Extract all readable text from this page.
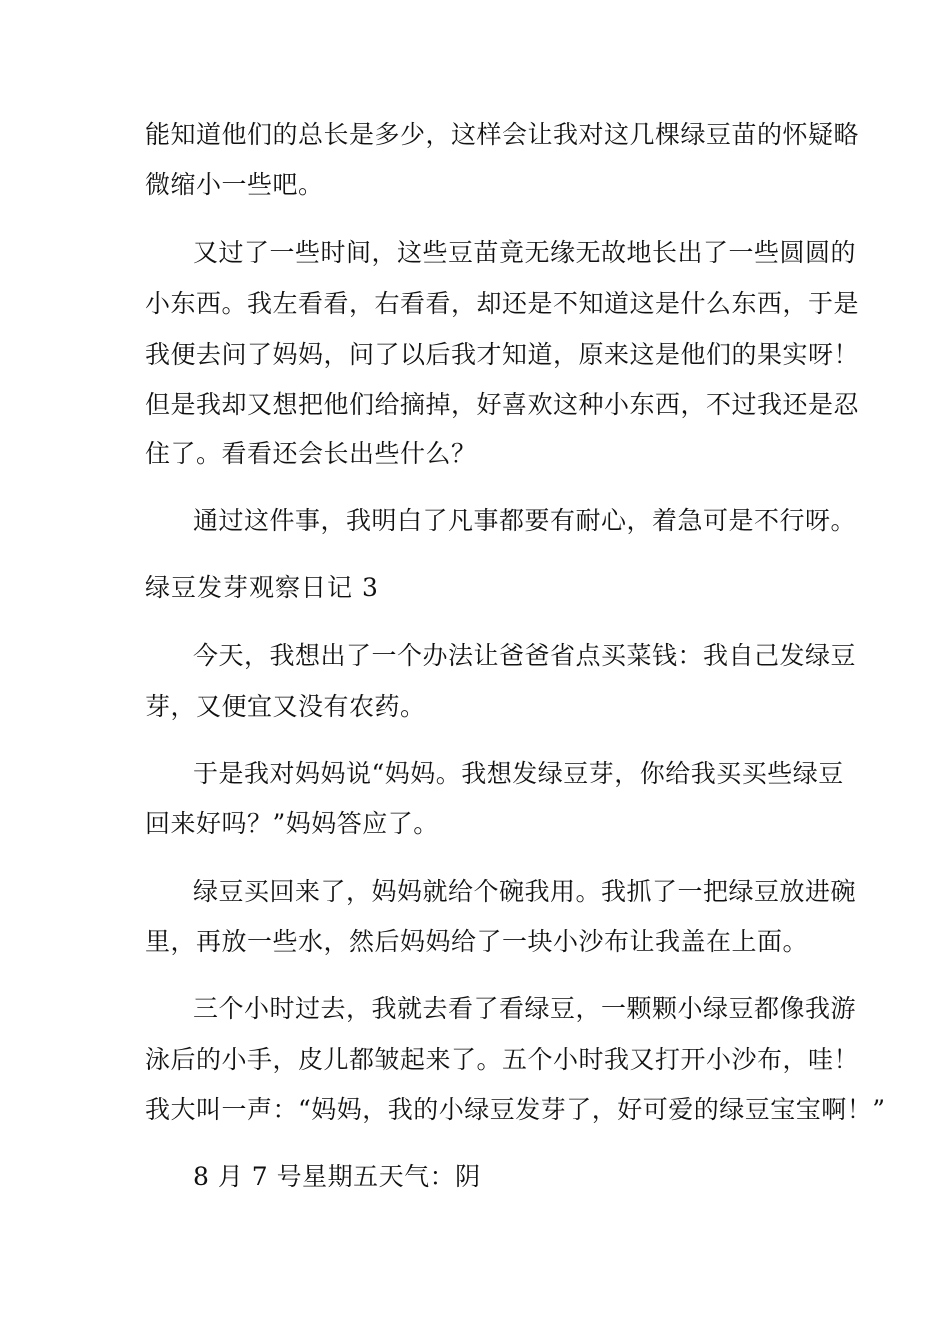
能知道他们的总长是多少，这样会让我对这几棵绿豆苗的怀疑略
微缩小一些吧。
又过了一些时间，这些豆苗竟无缘无故地长出了一些圆圆的
小东西。我左看看，右看看，却还是不知道这是什么东西，于是
我便去问了妈妈，问了以后我才知道，原来这是他们的果实呀！
但是我却又想把他们给摘掉，好喜欢这种小东西，不过我还是忍
住了。看看还会长出些什么？
通过这件事，我明白了凡事都要有耐心，着急可是不行呀。
绿豆发芽观察日记 3
今天，我想出了一个办法让爸爸省点买菜钱：我自己发绿豆
芽，又便宜又没有农药。
于是我对妈妈说“妈妈。我想发绿豆芽，你给我买买些绿豆
回来好吗？”妈妈答应了。
绿豆买回来了，妈妈就给个碗我用。我抓了一把绿豆放进碗
里，再放一些水，然后妈妈给了一块小沙布让我盖在上面。
三个小时过去，我就去看了看绿豆，一颗颗小绿豆都像我游
泳后的小手，皮儿都皱起来了。五个小时我又打开小沙布，哇！
我大叫一声：“妈妈，我的小绿豆发芽了，好可爱的绿豆宝宝啊！”
8 月 7 号星期五天气：阴
